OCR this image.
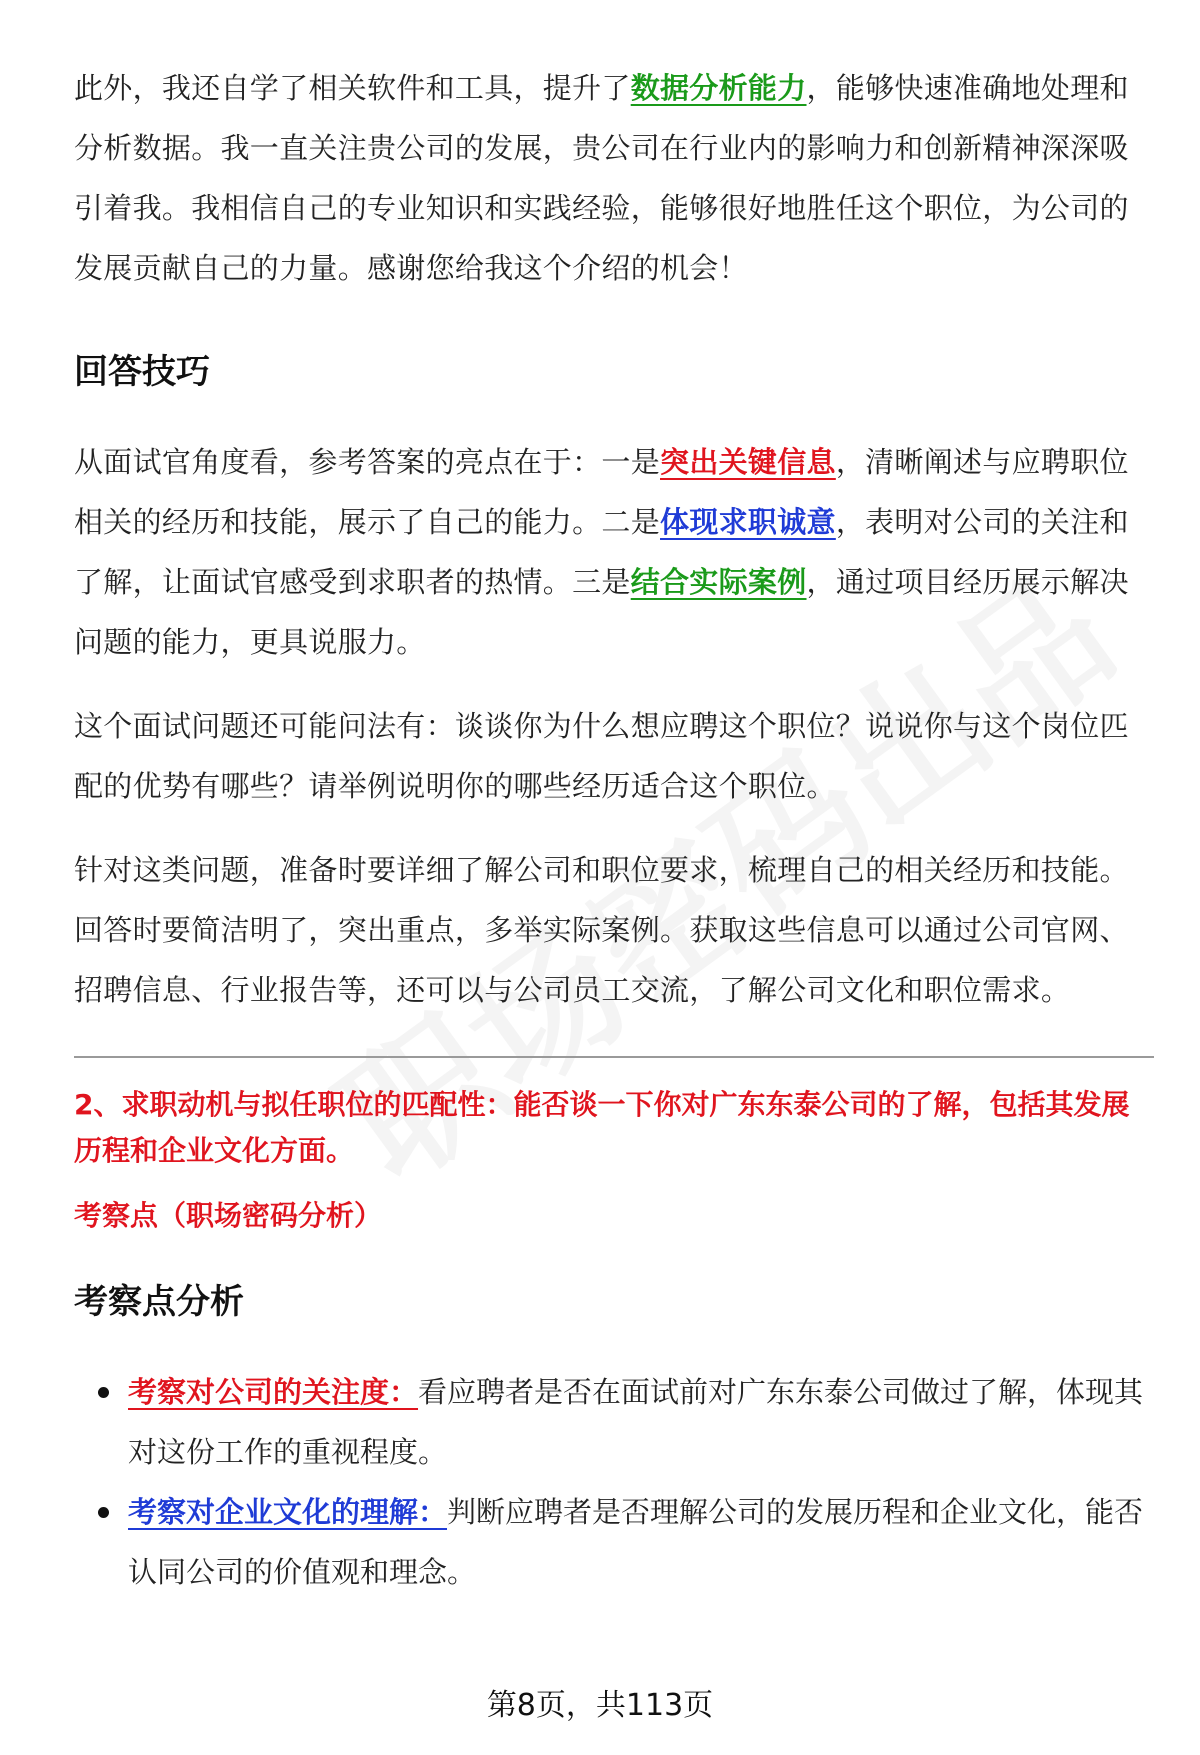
此外，我还自学了相关软件和工具，提升了数据分析能力，能够快速准确地处理和分析数据。我一直关注贵公司的发展，贵公司在行业内的影响力和创新精神深深吸引着我。我相信自己的专业知识和实践经验，能够很好地胜任这个职位，为公司的发展贡献自己的力量。感谢您给我这个介绍的机会！

回答技巧

从面试官角度看，参考答案的亮点在于：一是突出关键信息，清晰阐述与应聘职位相关的经历和技能，展示了自己的能力。二是体现求职诚意，表明对公司的关注和了解，让面试官感受到求职者的热情。三是结合实际案例，通过项目经历展示解决问题的能力，更具说服力。

这个面试问题还可能问法有：谈谈你为什么想应聘这个职位？说说你与这个岗位匹配的优势有哪些？请举例说明你的哪些经历适合这个职位。

针对这类问题，准备时要详细了解公司和职位要求，梳理自己的相关经历和技能。回答时要简洁明了，突出重点，多举实际案例。获取这些信息可以通过公司官网、招聘信息、行业报告等，还可以与公司员工交流，了解公司文化和职位需求。

2、求职动机与拟任职位的匹配性：能否谈一下你对广东东泰公司的了解，包括其发展历程和企业文化方面。

考察点（职场密码分析）

考察点分析
考察对公司的关注度：看应聘者是否在面试前对广东东泰公司做过了解，体现其对这份工作的重视程度。
考察对企业文化的理解：判断应聘者是否理解公司的发展历程和企业文化，能否认同公司的价值观和理念。
第8页，共113页
